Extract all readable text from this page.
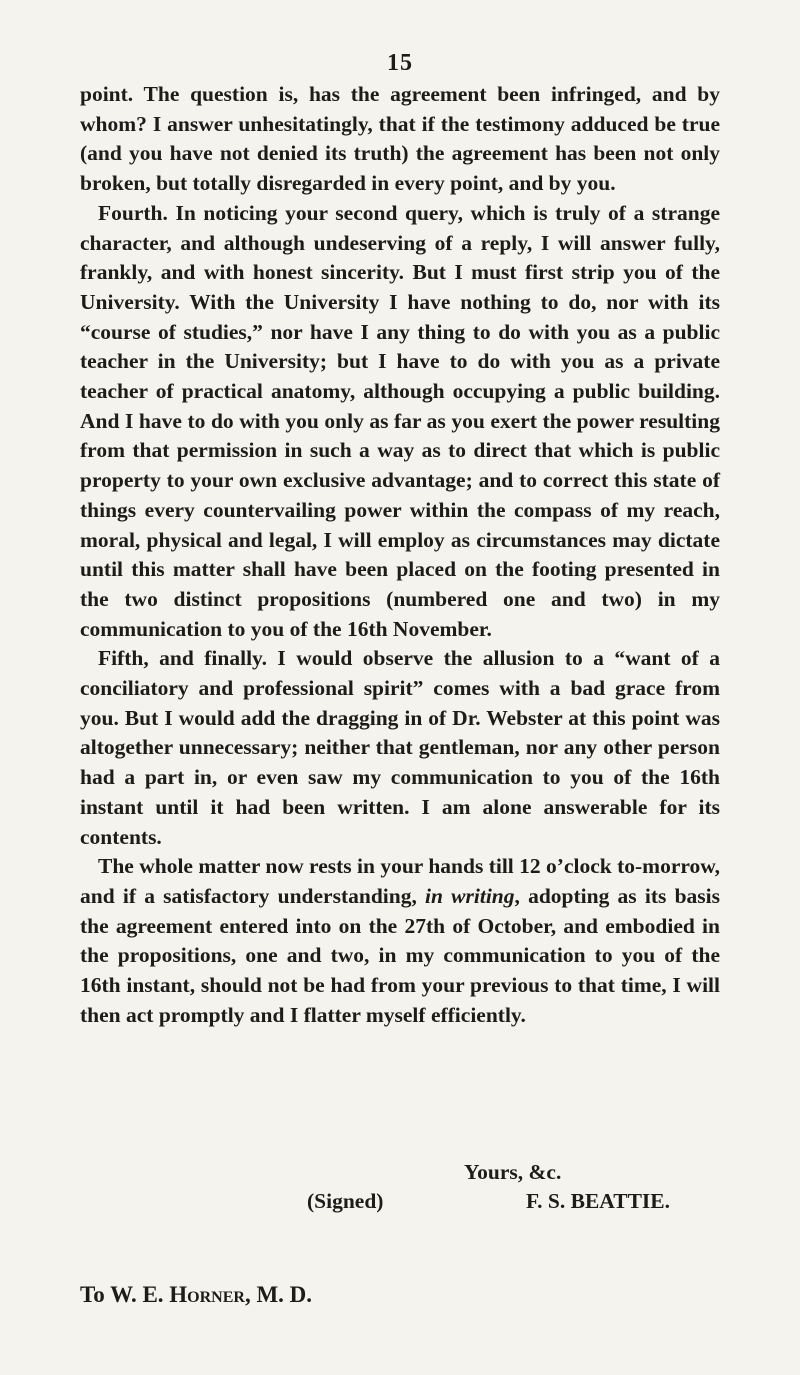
15

point. The question is, has the agreement been infringed, and by whom? I answer unhesitatingly, that if the testimony adduced be true (and you have not denied its truth) the agreement has been not only broken, but totally disregarded in every point, and by you.

Fourth. In noticing your second query, which is truly of a strange character, and although undeserving of a reply, I will answer fully, frankly, and with honest sincerity. But I must first strip you of the University. With the University I have nothing to do, nor with its “course of studies,” nor have I any thing to do with you as a public teacher in the University; but I have to do with you as a private teacher of practical anatomy, although occupying a public building. And I have to do with you only as far as you exert the power resulting from that permission in such a way as to direct that which is public property to your own exclusive advantage; and to correct this state of things every countervailing power within the compass of my reach, moral, physical and legal, I will employ as circumstances may dictate until this matter shall have been placed on the footing presented in the two distinct propositions (numbered one and two) in my communication to you of the 16th November.

Fifth, and finally. I would observe the allusion to a “want of a conciliatory and professional spirit” comes with a bad grace from you. But I would add the dragging in of Dr. Webster at this point was altogether unnecessary; neither that gentleman, nor any other person had a part in, or even saw my communication to you of the 16th instant until it had been written. I am alone answerable for its contents.

The whole matter now rests in your hands till 12 o’clock to-morrow, and if a satisfactory understanding, in writing, adopting as its basis the agreement entered into on the 27th of October, and embodied in the propositions, one and two, in my communication to you of the 16th instant, should not be had from your previous to that time, I will then act promptly and I flatter myself efficiently.

Yours, &c.
(Signed)	F. S. BEATTIE.
To W. E. Horner, M. D.
